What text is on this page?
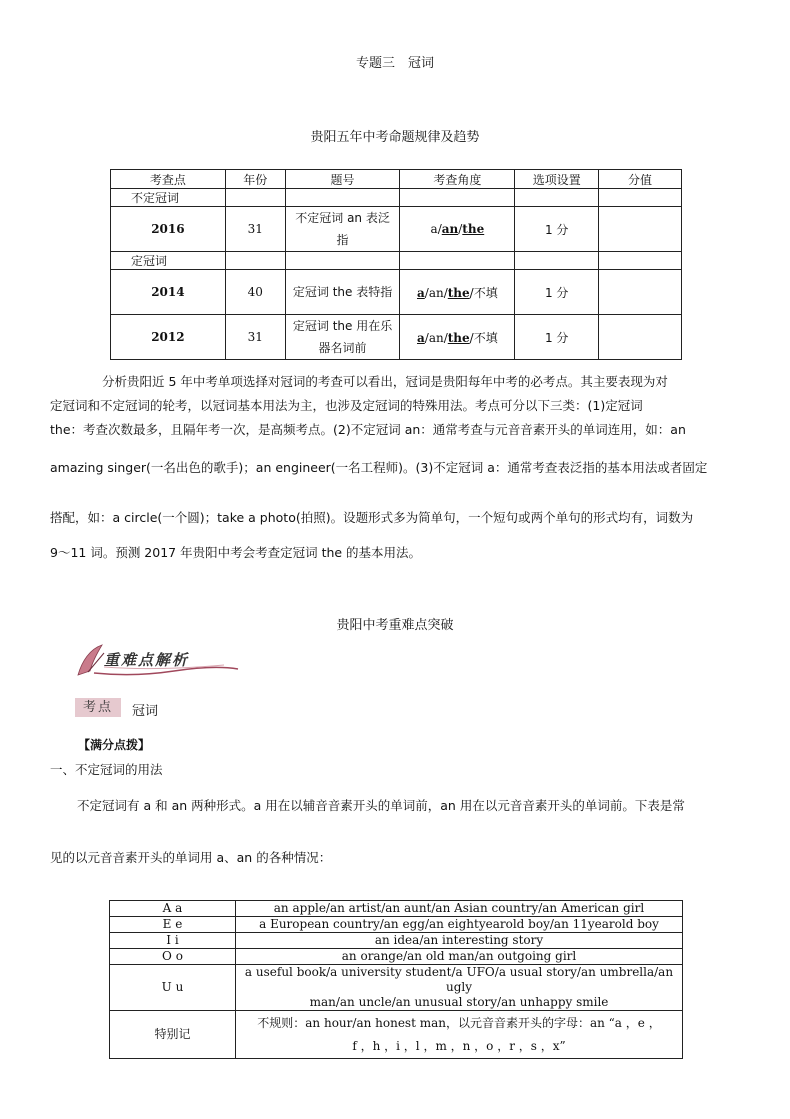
专题三　冠词
贵阳五年中考命题规律及趋势
考查点	年份	题号	考查角度	选项设置	分值
不定冠词					
2016	31	不定冠词 an 表泛指	a/an/the	1 分	
定冠词					
2014	40	定冠词 the 表特指	a/an/the/不填	1 分	
2012	31	定冠词 the 用在乐器名词前	a/an/the/不填	1 分	
分析贵阳近 5 年中考单项选择对冠词的考查可以看出，冠词是贵阳每年中考的必考点。其主要表现为对
定冠词和不定冠词的轮考，以冠词基本用法为主，也涉及定冠词的特殊用法。考点可分以下三类：(1)定冠词
the：考查次数最多，且隔年考一次，是高频考点。(2)不定冠词 an：通常考查与元音音素开头的单词连用，如：an
amazing singer(一名出色的歌手)；an engineer(一名工程师)。(3)不定冠词 a：通常考查表泛指的基本用法或者固定
搭配，如：a circle(一个圆)；take a photo(拍照)。设题形式多为简单句，一个短句或两个单句的形式均有，词数为
9～11 词。预测 2017 年贵阳中考会考查定冠词 the 的基本用法。
贵阳中考重难点突破
重难点解析
考点	冠词
【满分点拨】
一、不定冠词的用法
不定冠词有 a 和 an 两种形式。a 用在以辅音音素开头的单词前，an 用在以元音音素开头的单词前。下表是常
见的以元音音素开头的单词用 a、an 的各种情况：
A a	an apple/an artist/an aunt/an Asian country/an American girl
E e	a European country/an egg/an eightyearold boy/an 11yearold boy
I i	an idea/an interesting story
O o	an orange/an old man/an outgoing girl
U u	a useful book/a university student/a UFO/a usual story/an umbrella/an ugly
man/an uncle/an unusual story/an unhappy smile

特别记	不规则：an hour/an honest man，以元音音素开头的字母：an “a ，e ，
f ，h ，i ，l ，m ，n ，o ，r ，s ，x”
